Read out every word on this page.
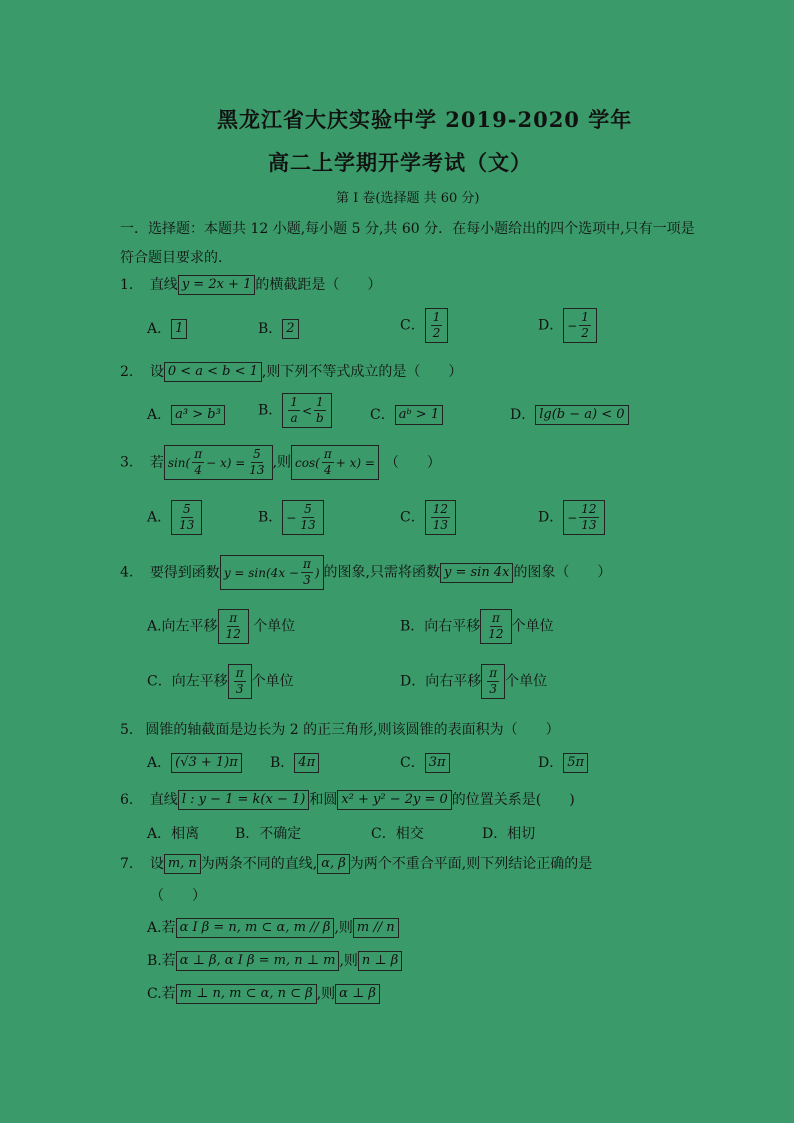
黑龙江省大庆实验中学 2019-2020 学年
高二上学期开学考试（文）
第 I 卷(选择题 共 60 分)
一．选择题：本题共 12 小题,每小题 5 分,共 60 分．在每小题给出的四个选项中,只有一项是
符合题目要求的.
1. 直线 y = 2x + 1 的横截距是（　　）
A． 1	B． 2	C． $\frac{1}{2}$	D． − $\frac{1}{2}$
2. 设 0 < a < b < 1 ,则下列不等式成立的是（　　）
A． a³ > b³	B． $\frac{1}{a} < \frac{1}{b}$	C． aᵇ > 1	D． lg(b − a) < 0
3. 若 $\sin( \frac{\pi}{4} - x) = \frac{5}{13}$ ,则 $\cos( \frac{\pi}{4} + x)$ = （　　）
A． $\frac{5}{13}$	B． − $\frac{5}{13}$	C． $\frac{12}{13}$	D． − $\frac{12}{13}$
4. 要得到函数 $y = \sin(4x - \frac{\pi}{3}$ ) 的图象,只需将函数 y = sin 4x 的图象（　　）
A.向左平移 $\frac{\pi}{12}$ 个单位	B．向右平移 $\frac{\pi}{12}$ 个单位
C．向左平移 $\frac{\pi}{3}$ 个单位	D．向右平移 $\frac{\pi}{3}$ 个单位
5. 圆锥的轴截面是边长为 2 的正三角形,则该圆锥的表面积为（　　）
A． (√3 + 1)π B． 4π	C． 3π	D． 5π
6. 直线 l : y − 1 = k(x − 1) 和圆 x² + y² − 2y = 0 的位置关系是(　　)
A．相离	B．不确定	C．相交	D．相切
7. 设 m, n 为两条不同的直线, α, β 为两个不重合平面,则下列结论正确的是
（　　）
A.若 α I β = n, m ⊂ α, m // β ,则 m // n
B.若 α ⊥ β, α I β = m, n ⊥ m ,则 n ⊥ β
C.若 m ⊥ n, m ⊂ α, n ⊂ β ,则 α ⊥ β
